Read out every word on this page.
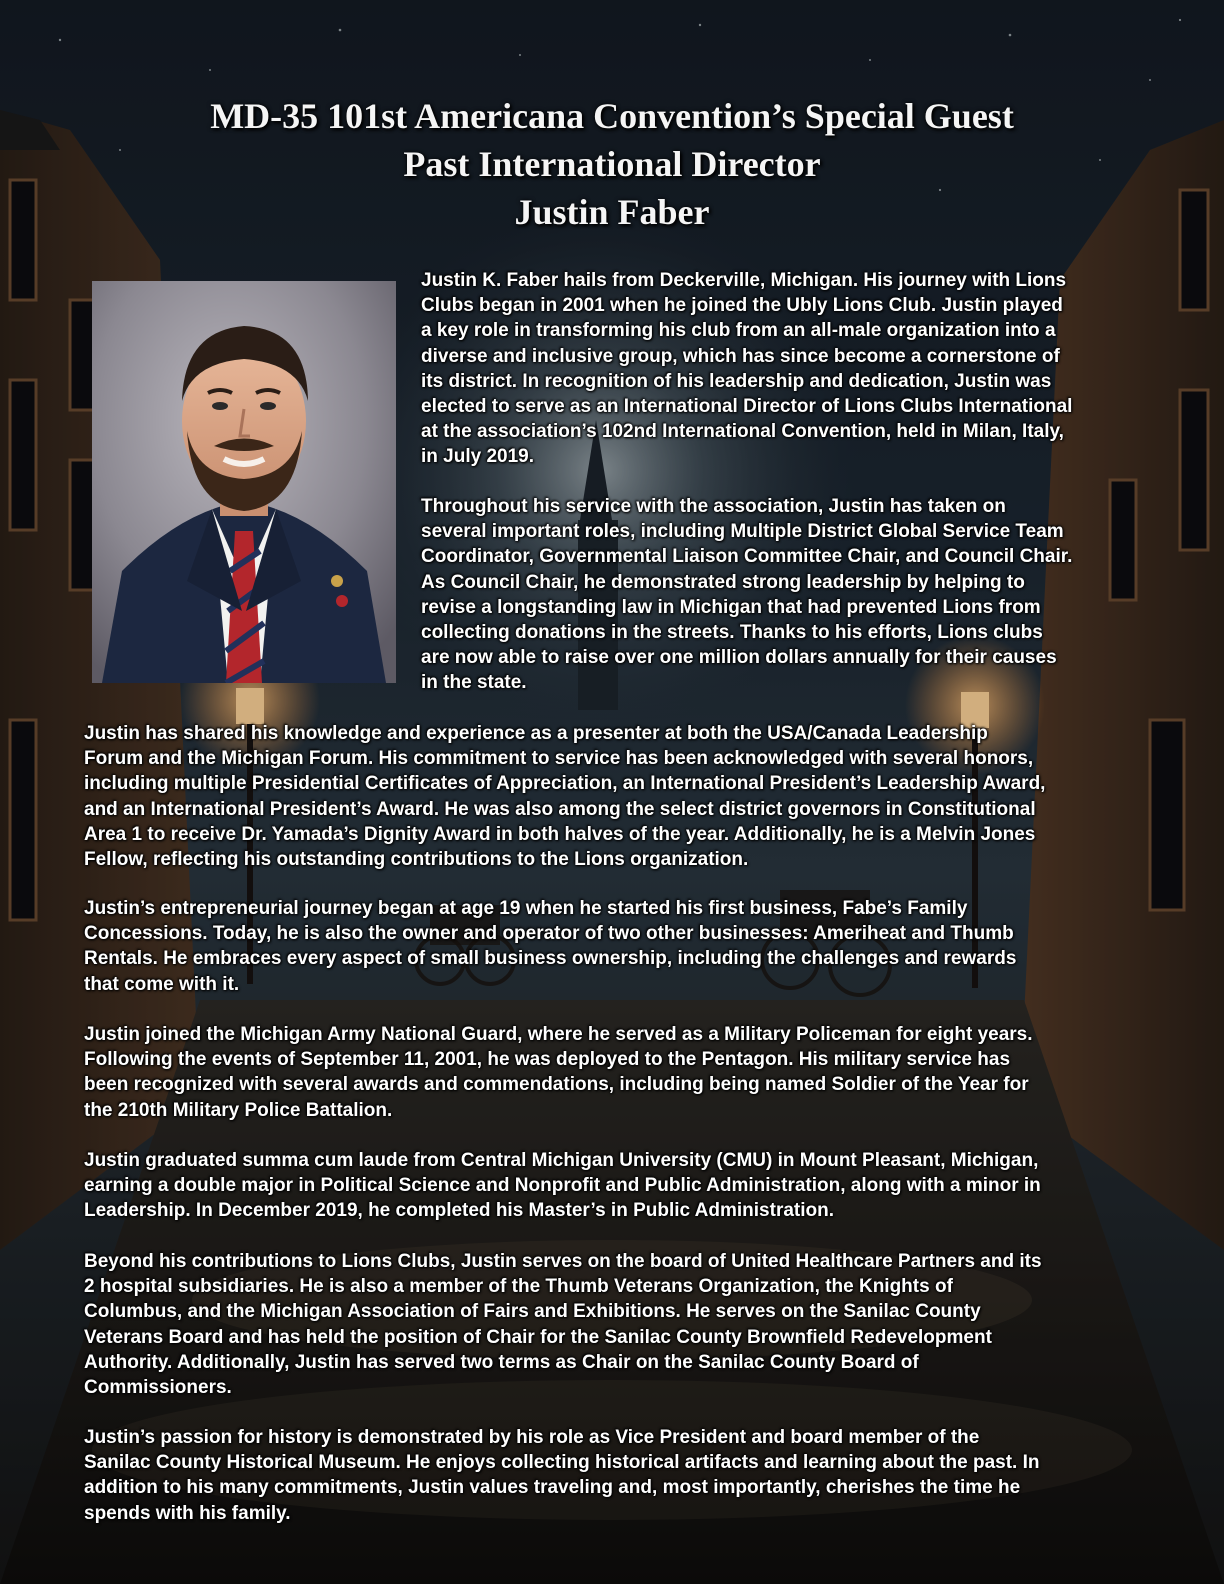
MD-35 101st Americana Convention’s Special Guest
Past International Director
Justin Faber
Justin K. Faber hails from Deckerville, Michigan. His journey with Lions
Clubs began in 2001 when he joined the Ubly Lions Club. Justin played
a key role in transforming his club from an all-male organization into a
diverse and inclusive group, which has since become a cornerstone of
its district. In recognition of his leadership and dedication, Justin was
elected to serve as an International Director of Lions Clubs International
at the association’s 102nd International Convention, held in Milan, Italy,
in July 2019.
Throughout his service with the association, Justin has taken on
several important roles, including Multiple District Global Service Team
Coordinator, Governmental Liaison Committee Chair, and Council Chair.
As Council Chair, he demonstrated strong leadership by helping to
revise a longstanding law in Michigan that had prevented Lions from
collecting donations in the streets. Thanks to his efforts, Lions clubs
are now able to raise over one million dollars annually for their causes
in the state.
Justin has shared his knowledge and experience as a presenter at both the USA/Canada Leadership
Forum and the Michigan Forum. His commitment to service has been acknowledged with several honors,
including multiple Presidential Certificates of Appreciation, an International President’s Leadership Award,
and an International President’s Award. He was also among the select district governors in Constitutional
Area 1 to receive Dr. Yamada’s Dignity Award in both halves of the year. Additionally, he is a Melvin Jones
Fellow, reflecting his outstanding contributions to the Lions organization.
Justin’s entrepreneurial journey began at age 19 when he started his first business, Fabe’s Family
Concessions. Today, he is also the owner and operator of two other businesses: Ameriheat and Thumb
Rentals. He embraces every aspect of small business ownership, including the challenges and rewards
that come with it.
Justin joined the Michigan Army National Guard, where he served as a Military Policeman for eight years.
Following the events of September 11, 2001, he was deployed to the Pentagon. His military service has
been recognized with several awards and commendations, including being named Soldier of the Year for
the 210th Military Police Battalion.
Justin graduated summa cum laude from Central Michigan University (CMU) in Mount Pleasant, Michigan,
earning a double major in Political Science and Nonprofit and Public Administration, along with a minor in
Leadership. In December 2019, he completed his Master’s in Public Administration.
Beyond his contributions to Lions Clubs, Justin serves on the board of United Healthcare Partners and its
2 hospital subsidiaries. He is also a member of the Thumb Veterans Organization, the Knights of
Columbus, and the Michigan Association of Fairs and Exhibitions. He serves on the Sanilac County
Veterans Board and has held the position of Chair for the Sanilac County Brownfield Redevelopment
Authority. Additionally, Justin has served two terms as Chair on the Sanilac County Board of
Commissioners.
Justin’s passion for history is demonstrated by his role as Vice President and board member of the
Sanilac County Historical Museum. He enjoys collecting historical artifacts and learning about the past. In
addition to his many commitments, Justin values traveling and, most importantly, cherishes the time he
spends with his family.
